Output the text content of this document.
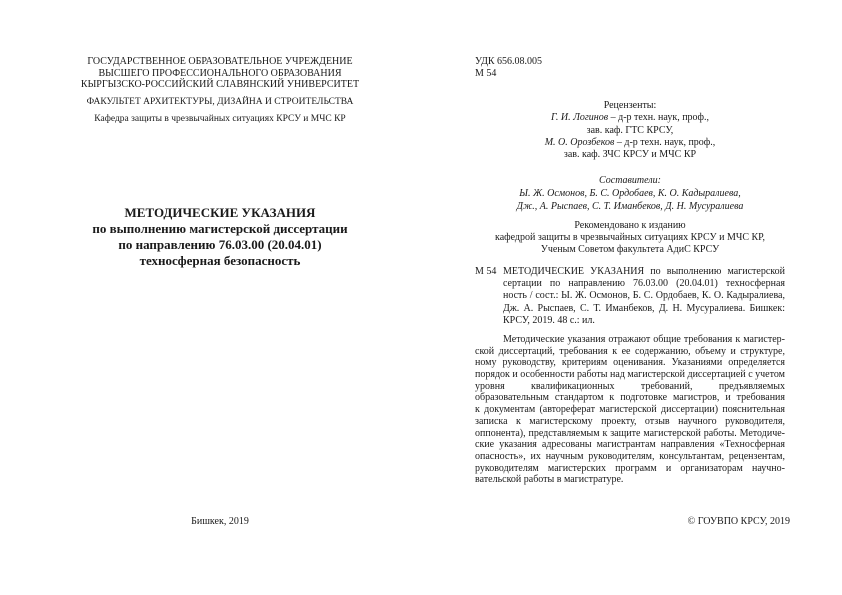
ГОСУДАРСТВЕННОЕ ОБРАЗОВАТЕЛЬНОЕ УЧРЕЖДЕНИЕ
ВЫСШЕГО ПРОФЕССИОНАЛЬНОГО ОБРАЗОВАНИЯ
КЫРГЫЗСКО-РОССИЙСКИЙ СЛАВЯНСКИЙ УНИВЕРСИТЕТ
ФАКУЛЬТЕТ АРХИТЕКТУРЫ, ДИЗАЙНА И СТРОИТЕЛЬСТВА
Кафедра защиты в чрезвычайных ситуациях КРСУ и МЧС КР
МЕТОДИЧЕСКИЕ УКАЗАНИЯ
по выполнению магистерской диссертации
по направлению 76.03.00 (20.04.01)
техносферная безопасность
Бишкек, 2019
УДК 656.08.005
М 54
Рецензенты:
Г. И. Логинов – д-р техн. наук, проф.,
зав. каф. ГТС КРСУ,
М. О. Орозбеков – д-р техн. наук, проф.,
зав. каф. ЗЧС КРСУ и МЧС КР
Составители:
Ы. Ж. Осмонов, Б. С. Ордобаев, К. О. Кадыралиева,
Дж., А. Рыспаев, С. Т. Иманбеков, Д. Н. Мусуралиева
Рекомендовано к изданию
кафедрой защиты в чрезвычайных ситуациях КРСУ и МЧС КР,
Ученым Советом факультета АдиС КРСУ
М 54 МЕТОДИЧЕСКИЕ УКАЗАНИЯ по выполнению магистерской
сертации по направлению 76.03.00 (20.04.01) техносферная
ность / сост.: Ы. Ж. Осмонов, Б. С. Ордобаев, К. О. Кадыралиева,
Дж. А. Рыспаев, С. Т. Иманбеков, Д. Н. Мусуралиева. Бишкек:
КРСУ, 2019. 48 с.: ил.
Методические указания отражают общие требования к магистер-
ской диссертаций, требования к ее содержанию, объему и структуре,
ному руководству, критериям оценивания. Указаниями определяется
порядок и особенности работы над магистерской диссертацией с учетом
уровня квалификационных требований, предъявляемых
образовательным стандартом к подготовке магистров, и требования
к документам (автореферат магистерской диссертации) пояснительная
записка к магистерскому проекту, отзыв научного руководителя,
оппонента), представляемым к защите магистерской работы. Методиче-
ские указания адресованы магистрантам направления «Техносферная
опасность», их научным руководителям, консультантам, рецензентам,
руководителям магистерских программ и организаторам научно-
вательской работы в магистратуре.
© ГОУВПО КРСУ, 2019
